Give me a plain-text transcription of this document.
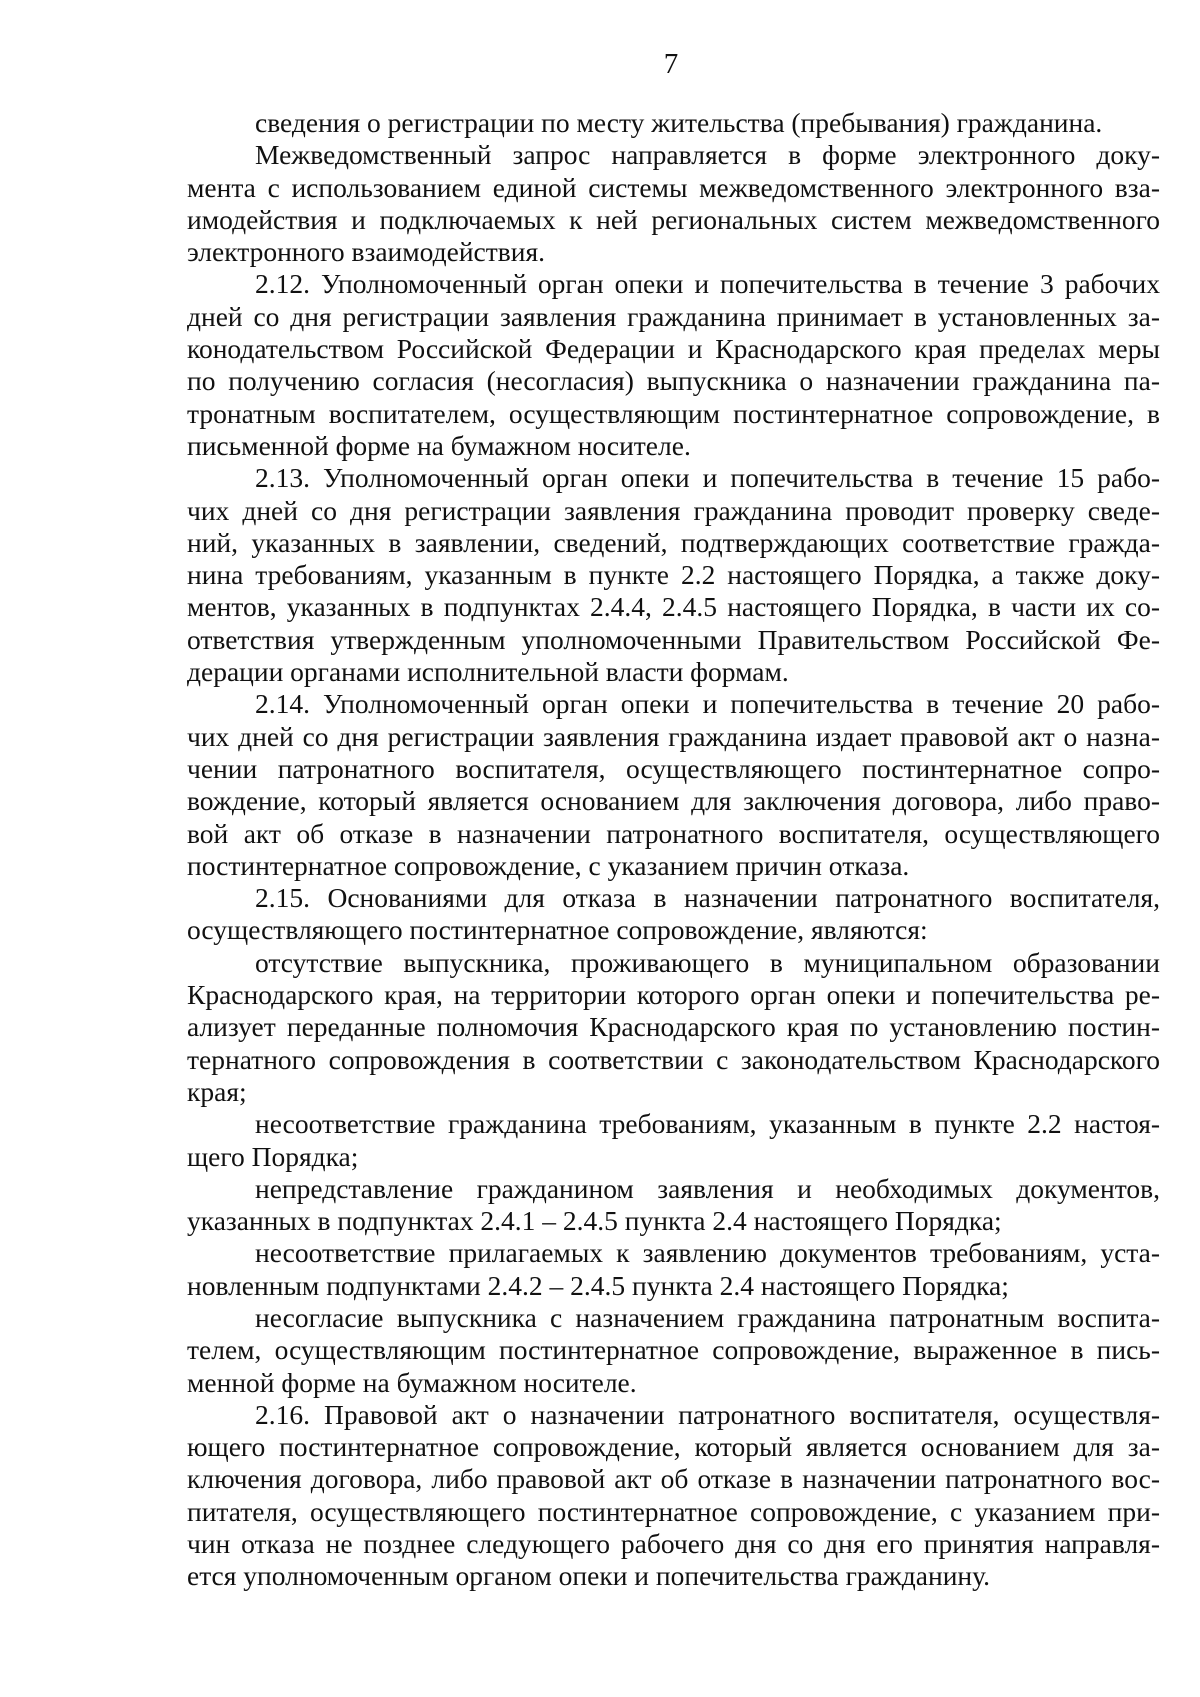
7
сведения о регистрации по месту жительства (пребывания) гражданина.
Межведомственный запрос направляется в форме электронного доку-
мента с использованием единой системы межведомственного электронного вза-
имодействия и подключаемых к ней региональных систем межведомственного
электронного взаимодействия.
2.12. Уполномоченный орган опеки и попечительства в течение 3 рабочих
дней со дня регистрации заявления гражданина принимает в установленных за-
конодательством Российской Федерации и Краснодарского края пределах меры
по получению согласия (несогласия) выпускника о назначении гражданина па-
тронатным воспитателем, осуществляющим постинтернатное сопровождение, в
письменной форме на бумажном носителе.
2.13. Уполномоченный орган опеки и попечительства в течение 15 рабо-
чих дней со дня регистрации заявления гражданина проводит проверку сведе-
ний, указанных в заявлении, сведений, подтверждающих соответствие гражда-
нина требованиям, указанным в пункте 2.2 настоящего Порядка, а также доку-
ментов, указанных в подпунктах 2.4.4, 2.4.5 настоящего Порядка, в части их со-
ответствия утвержденным уполномоченными Правительством Российской Фе-
дерации органами исполнительной власти формам.
2.14. Уполномоченный орган опеки и попечительства в течение 20 рабо-
чих дней со дня регистрации заявления гражданина издает правовой акт о назна-
чении патронатного воспитателя, осуществляющего постинтернатное сопро-
вождение, который является основанием для заключения договора, либо право-
вой акт об отказе в назначении патронатного воспитателя, осуществляющего
постинтернатное сопровождение, с указанием причин отказа.
2.15. Основаниями для отказа в назначении патронатного воспитателя,
осуществляющего постинтернатное сопровождение, являются:
отсутствие выпускника, проживающего в муниципальном образовании
Краснодарского края, на территории которого орган опеки и попечительства ре-
ализует переданные полномочия Краснодарского края по установлению постин-
тернатного сопровождения в соответствии с законодательством Краснодарского
края;
несоответствие гражданина требованиям, указанным в пункте 2.2 настоя-
щего Порядка;
непредставление гражданином заявления и необходимых документов,
указанных в подпунктах 2.4.1 – 2.4.5 пункта 2.4 настоящего Порядка;
несоответствие прилагаемых к заявлению документов требованиям, уста-
новленным подпунктами 2.4.2 – 2.4.5 пункта 2.4 настоящего Порядка;
несогласие выпускника с назначением гражданина патронатным воспита-
телем, осуществляющим постинтернатное сопровождение, выраженное в пись-
менной форме на бумажном носителе.
2.16. Правовой акт о назначении патронатного воспитателя, осуществля-
ющего постинтернатное сопровождение, который является основанием для за-
ключения договора, либо правовой акт об отказе в назначении патронатного вос-
питателя, осуществляющего постинтернатное сопровождение, с указанием при-
чин отказа не позднее следующего рабочего дня со дня его принятия направля-
ется уполномоченным органом опеки и попечительства гражданину.
